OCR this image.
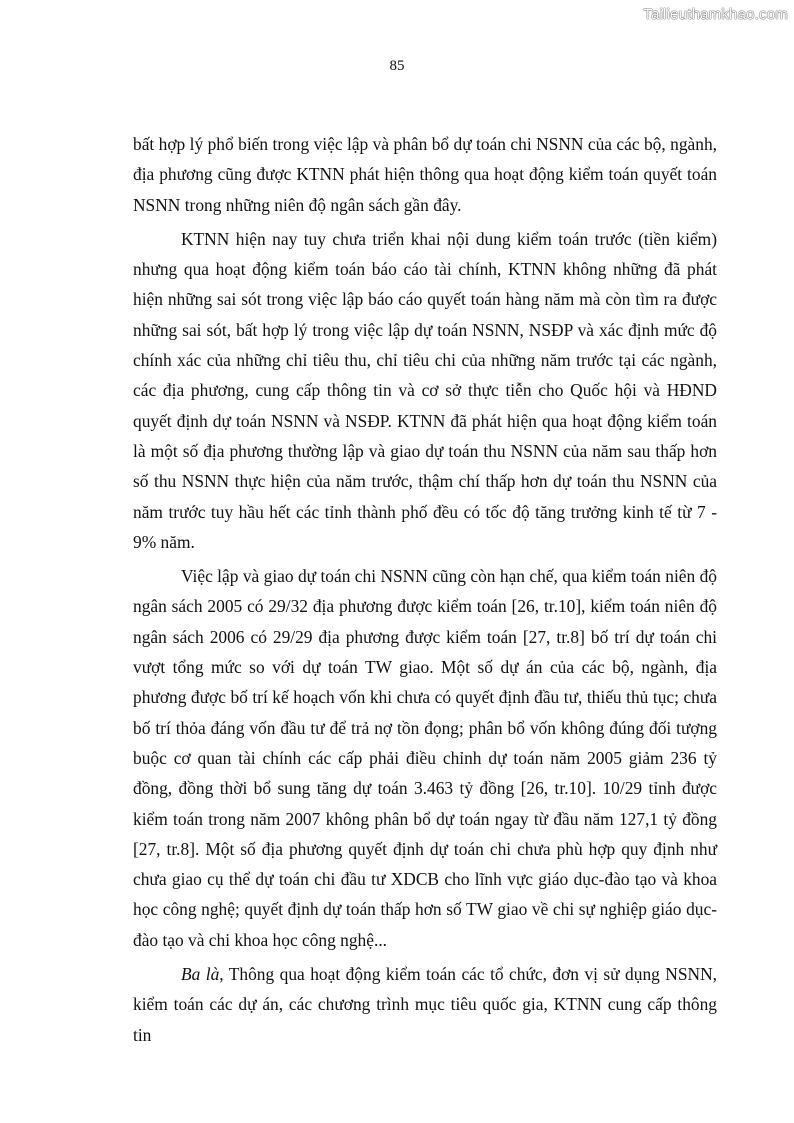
Tailieuthamkhao.com
85

bất hợp lý phổ biến trong việc lập và phân bổ dự toán chi NSNN của các bộ, ngành, địa phương cũng được KTNN phát hiện thông qua hoạt động kiểm toán quyết toán NSNN trong những niên độ ngân sách gần đây.

KTNN hiện nay tuy chưa triển khai nội dung kiểm toán trước (tiền kiểm) nhưng qua hoạt động kiểm toán báo cáo tài chính, KTNN không những đã phát hiện những sai sót trong việc lập báo cáo quyết toán hàng năm mà còn tìm ra được những sai sót, bất hợp lý trong việc lập dự toán NSNN, NSĐP và xác định mức độ chính xác của những chỉ tiêu thu, chỉ tiêu chi của những năm trước tại các ngành, các địa phương, cung cấp thông tin và cơ sở thực tiễn cho Quốc hội và HĐND quyết định dự toán NSNN và NSĐP. KTNN đã phát hiện qua hoạt động kiểm toán là một số địa phương thường lập và giao dự toán thu NSNN của năm sau thấp hơn số thu NSNN thực hiện của năm trước, thậm chí thấp hơn dự toán thu NSNN của năm trước tuy hầu hết các tỉnh thành phố đều có tốc độ tăng trưởng kinh tế từ 7 - 9% năm.

Việc lập và giao dự toán chi NSNN cũng còn hạn chế, qua kiểm toán niên độ ngân sách 2005 có 29/32 địa phương được kiểm toán [26, tr.10], kiểm toán niên độ ngân sách 2006 có 29/29 địa phương được kiểm toán [27, tr.8] bố trí dự toán chi vượt tổng mức so với dự toán TW giao. Một số dự án của các bộ, ngành, địa phương được bố trí kế hoạch vốn khi chưa có quyết định đầu tư, thiếu thủ tục; chưa bố trí thỏa đáng vốn đầu tư để trả nợ tồn đọng; phân bổ vốn không đúng đối tượng buộc cơ quan tài chính các cấp phải điều chỉnh dự toán năm 2005 giảm 236 tỷ đồng, đồng thời bổ sung tăng dự toán 3.463 tỷ đồng [26, tr.10]. 10/29 tỉnh được kiểm toán trong năm 2007 không phân bổ dự toán ngay từ đầu năm 127,1 tỷ đồng [27, tr.8]. Một số địa phương quyết định dự toán chi chưa phù hợp quy định như chưa giao cụ thể dự toán chi đầu tư XDCB cho lĩnh vực giáo dục-đào tạo và khoa học công nghệ; quyết định dự toán thấp hơn số TW giao về chi sự nghiệp giáo dục-đào tạo và chi khoa học công nghệ...

Ba là, Thông qua hoạt động kiểm toán các tổ chức, đơn vị sử dụng NSNN, kiểm toán các dự án, các chương trình mục tiêu quốc gia, KTNN cung cấp thông tin
